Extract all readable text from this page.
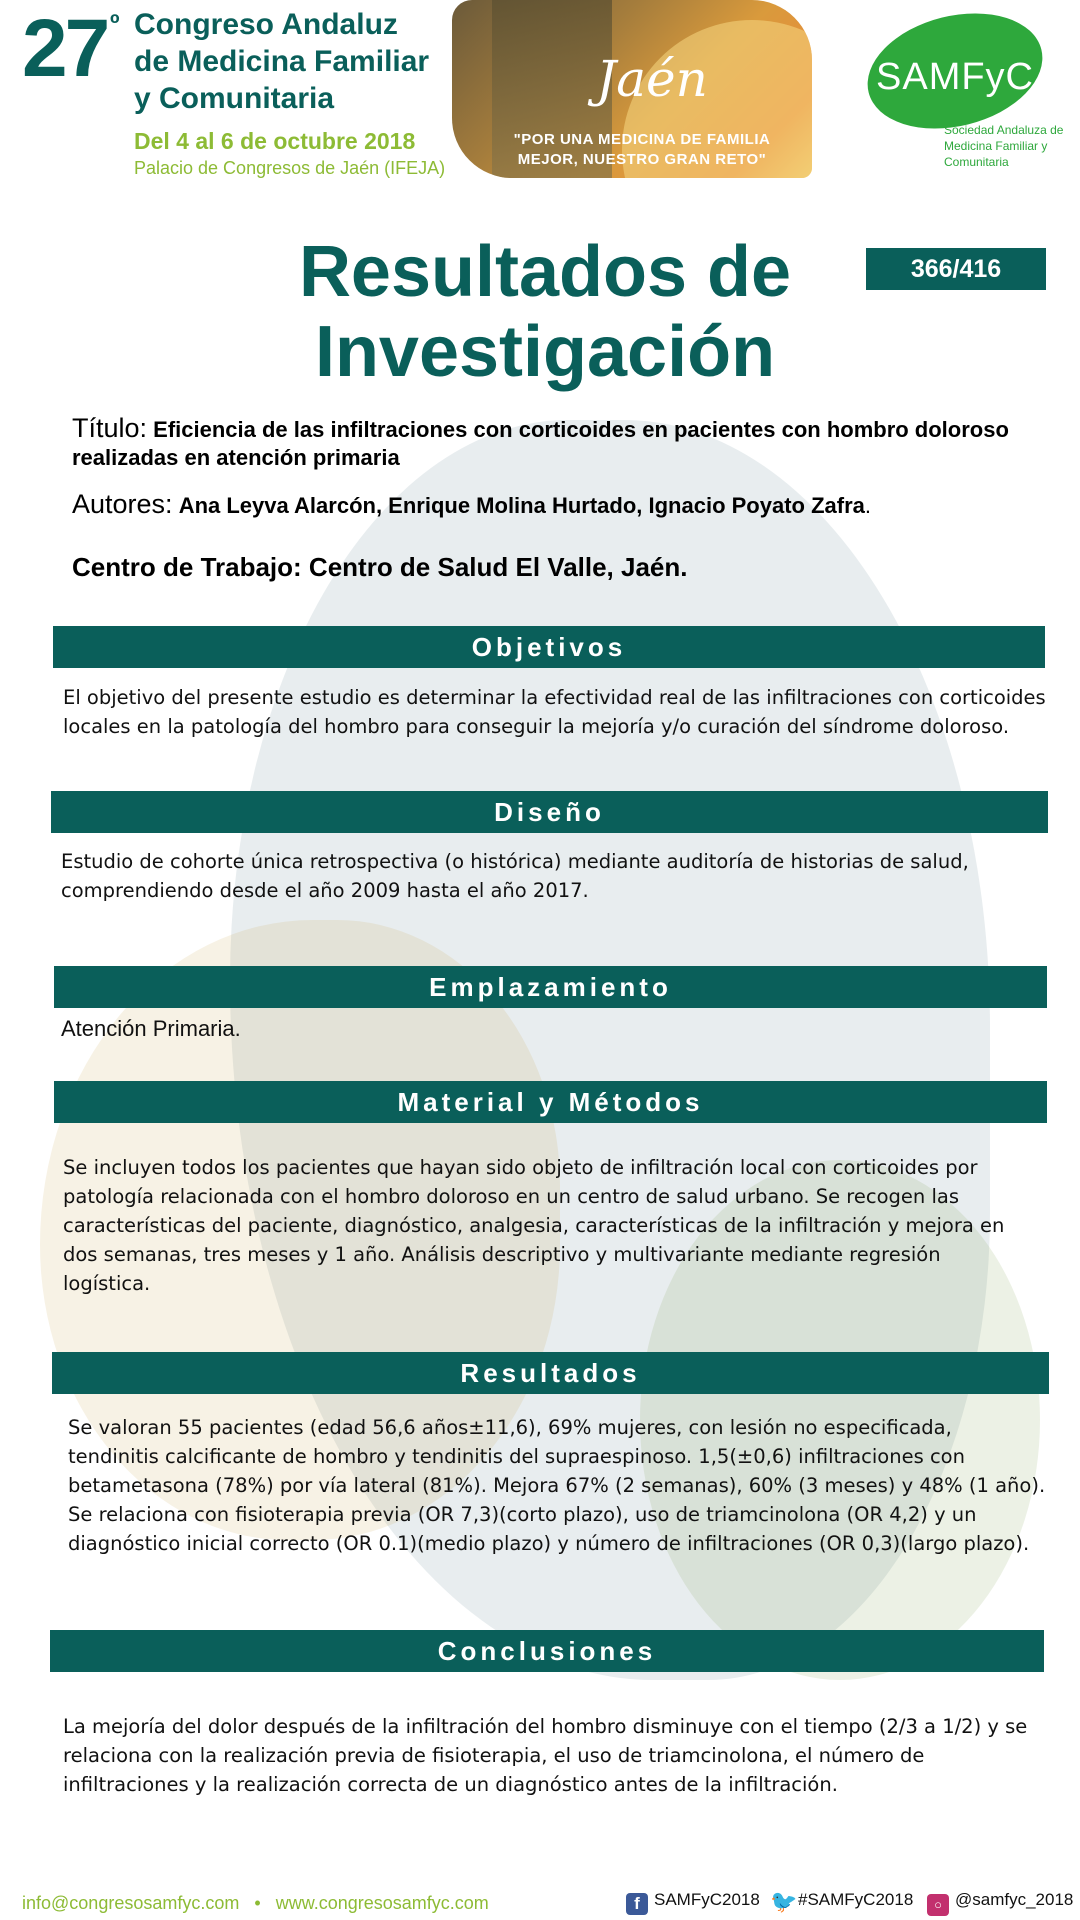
27 º Congreso Andaluz de Medicina Familiar y Comunitaria
Del 4 al 6 de octubre 2018
Palacio de Congresos de Jaén (IFEJA)
Jaén
"POR UNA MEDICINA DE FAMILIA MEJOR, NUESTRO GRAN RETO"
SAMFyC
Sociedad Andaluza de Medicina Familiar y Comunitaria
Resultados de Investigación
366/416
Título: Eficiencia de las infiltraciones con corticoides en pacientes con hombro doloroso realizadas en atención primaria
Autores: Ana Leyva Alarcón, Enrique Molina Hurtado, Ignacio Poyato Zafra.
Centro de Trabajo: Centro de Salud El Valle, Jaén.
Objetivos
El objetivo del presente estudio es determinar la efectividad real de las infiltraciones con corticoides locales en la patología del hombro para conseguir la mejoría y/o curación del síndrome doloroso.
Diseño
Estudio de cohorte única retrospectiva (o histórica) mediante auditoría de historias de salud, comprendiendo desde el año 2009 hasta el año 2017.
Emplazamiento
Atención Primaria.
Material y Métodos
Se incluyen todos los pacientes que hayan sido objeto de infiltración local con corticoides por patología relacionada con el hombro doloroso en un centro de salud urbano. Se recogen las características del paciente, diagnóstico, analgesia, características de la infiltración y mejora en dos semanas, tres meses y 1 año. Análisis descriptivo y multivariante mediante regresión logística.
Resultados
Se valoran 55 pacientes (edad 56,6 años±11,6), 69% mujeres, con lesión no especificada, tendinitis calcificante de hombro y tendinitis del supraespinoso. 1,5(±0,6) infiltraciones con betametasona (78%) por vía lateral (81%). Mejora 67% (2 semanas), 60% (3 meses) y 48% (1 año). Se relaciona con fisioterapia previa (OR 7,3)(corto plazo), uso de triamcinolona (OR 4,2) y un diagnóstico inicial correcto (OR 0.1)(medio plazo) y número de infiltraciones (OR 0,3)(largo plazo).
Conclusiones
La mejoría del dolor después de la infiltración del hombro disminuye con el tiempo (2/3 a 1/2) y se relaciona con la realización previa de fisioterapia, el uso de triamcinolona, el número de infiltraciones y la realización correcta de un diagnóstico antes de la infiltración.
info@congresosamfyc.com • www.congresosamfyc.com	f SAMFyC2018 🐦#SAMFyC2018	○ @samfyc_2018
